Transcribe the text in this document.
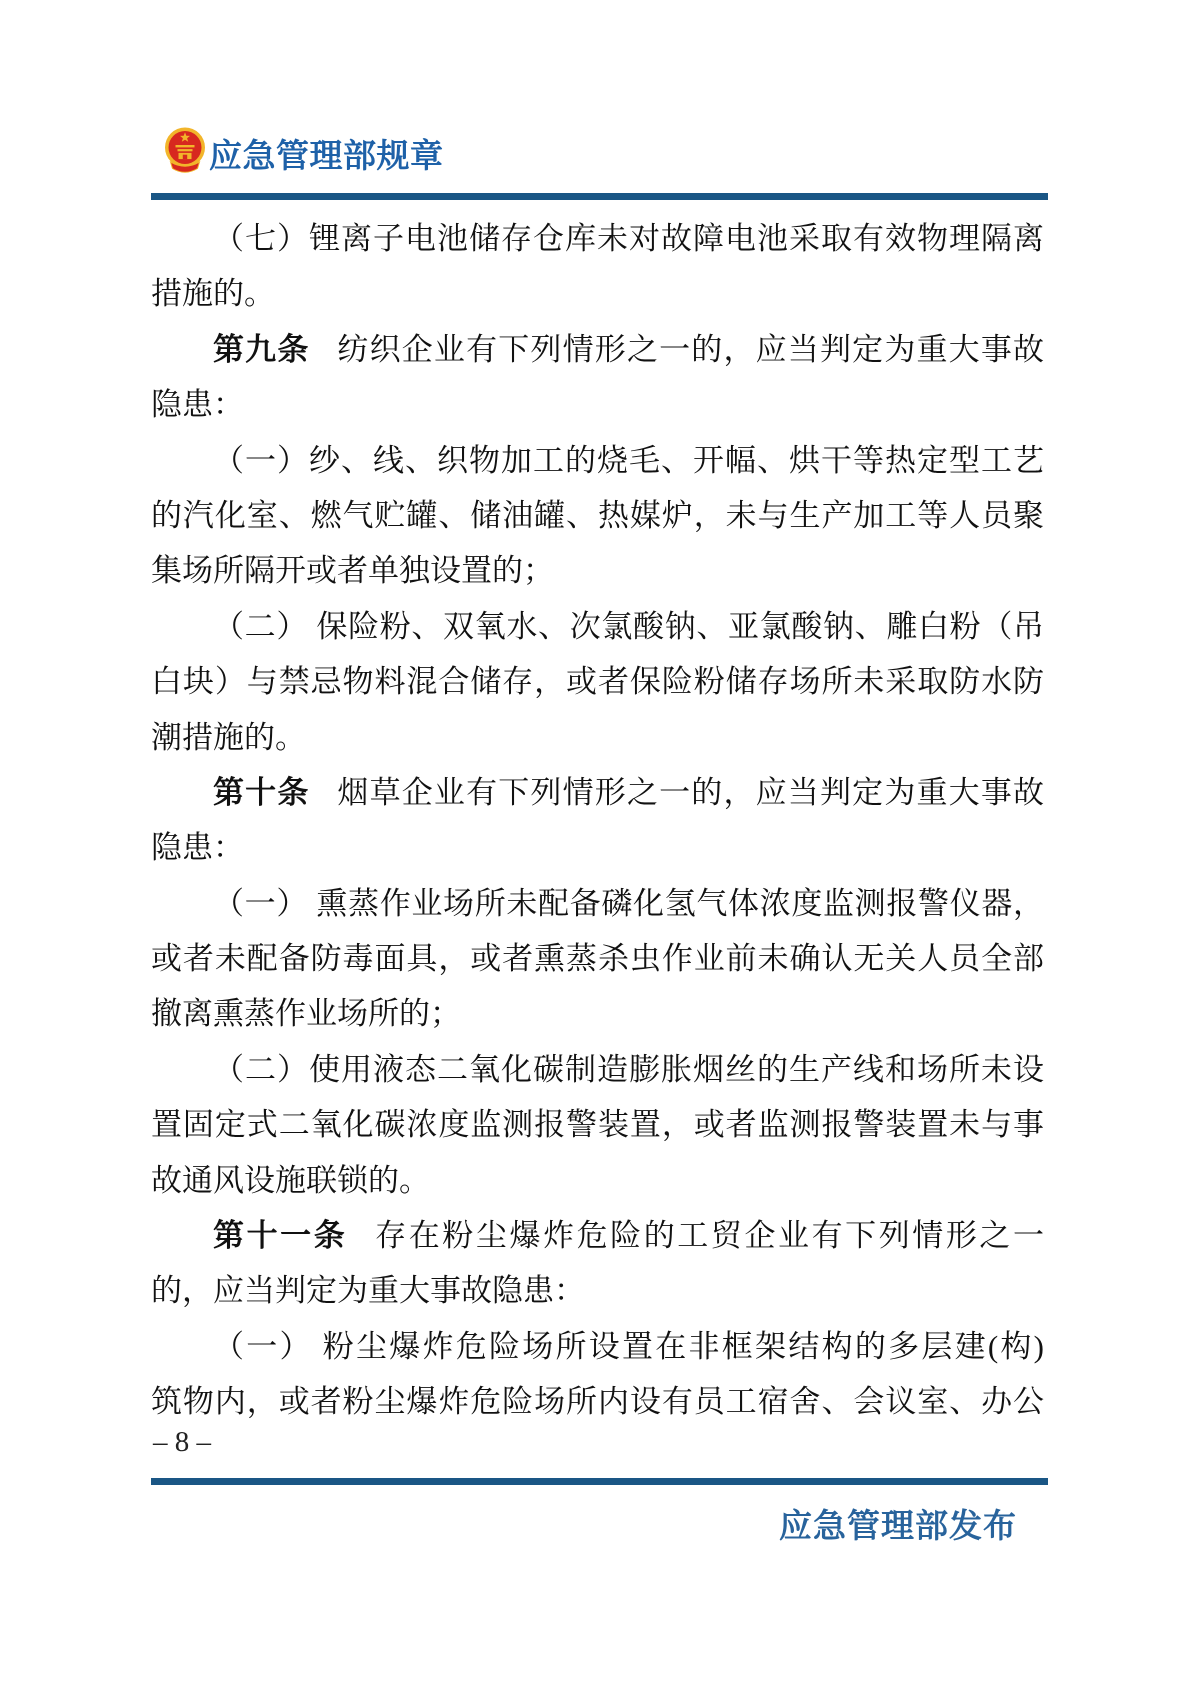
应急管理部规章
（七）锂离子电池储存仓库未对故障电池采取有效物理隔离
措施的。
第九条 纺织企业有下列情形之一的，应当判定为重大事故
隐患：
（一）纱、线、织物加工的烧毛、开幅、烘干等热定型工艺
的汽化室、燃气贮罐、储油罐、热媒炉，未与生产加工等人员聚
集场所隔开或者单独设置的；
（二） 保险粉、双氧水、次氯酸钠、亚氯酸钠、雕白粉（吊
白块）与禁忌物料混合储存，或者保险粉储存场所未采取防水防
潮措施的。
第十条 烟草企业有下列情形之一的，应当判定为重大事故
隐患：
（一） 熏蒸作业场所未配备磷化氢气体浓度监测报警仪器，
或者未配备防毒面具，或者熏蒸杀虫作业前未确认无关人员全部
撤离熏蒸作业场所的；
（二）使用液态二氧化碳制造膨胀烟丝的生产线和场所未设
置固定式二氧化碳浓度监测报警装置，或者监测报警装置未与事
故通风设施联锁的。
第十一条 存在粉尘爆炸危险的工贸企业有下列情形之一
的，应当判定为重大事故隐患：
（一） 粉尘爆炸危险场所设置在非框架结构的多层建(构)
筑物内，或者粉尘爆炸危险场所内设有员工宿舍、会议室、办公
– 8 –
应急管理部发布
